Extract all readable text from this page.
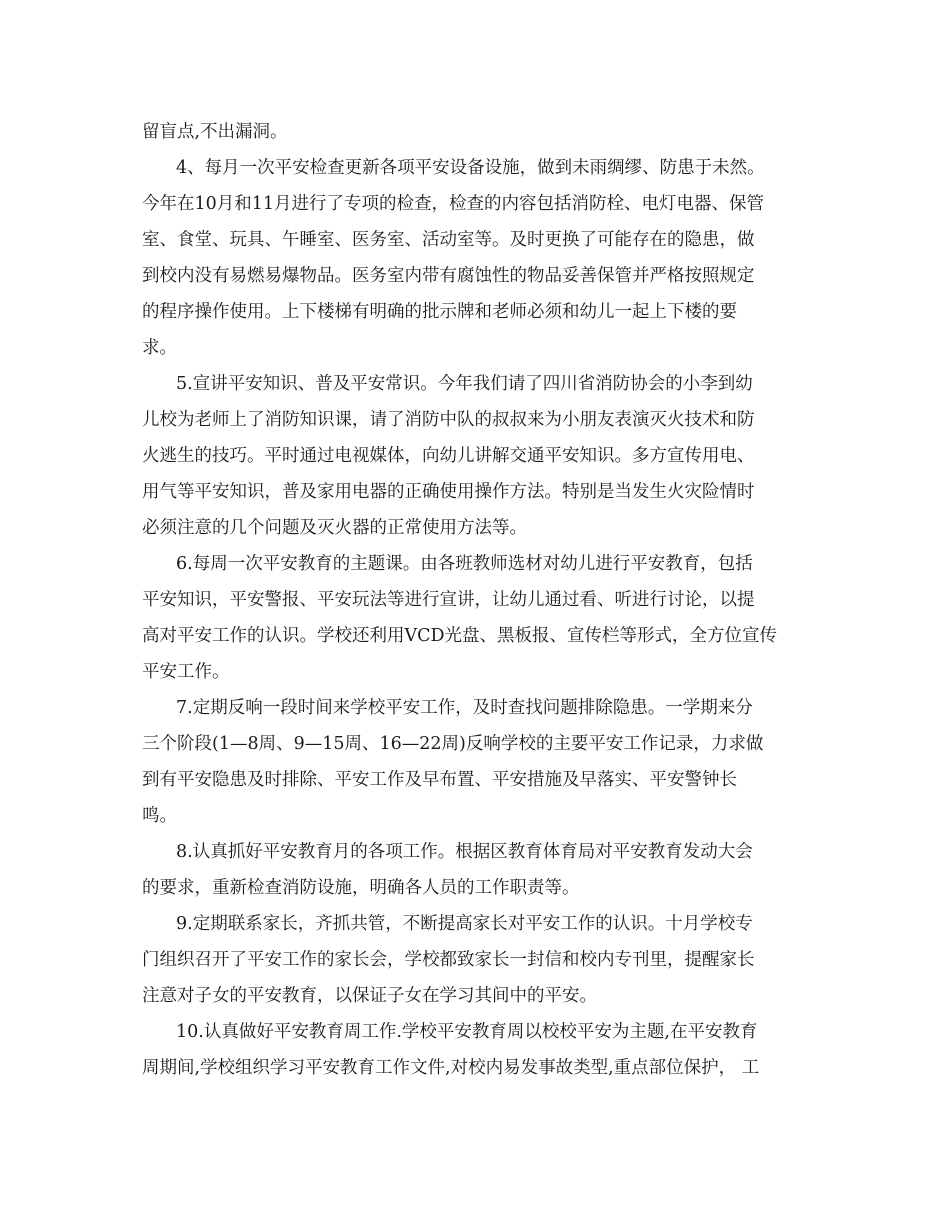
留盲点,不出漏洞。
4、每月一次平安检查更新各项平安设备设施，做到未雨绸缪、防患于未然。
今年在10月和11月进行了专项的检查，检查的内容包括消防栓、电灯电器、保管
室、食堂、玩具、午睡室、医务室、活动室等。及时更换了可能存在的隐患，做
到校内没有易燃易爆物品。医务室内带有腐蚀性的物品妥善保管并严格按照规定
的程序操作使用。上下楼梯有明确的批示牌和老师必须和幼儿一起上下楼的要
求。
5.宣讲平安知识、普及平安常识。今年我们请了四川省消防协会的小李到幼
儿校为老师上了消防知识课，请了消防中队的叔叔来为小朋友表演灭火技术和防
火逃生的技巧。平时通过电视媒体，向幼儿讲解交通平安知识。多方宣传用电、
用气等平安知识，普及家用电器的正确使用操作方法。特别是当发生火灾险情时
必须注意的几个问题及灭火器的正常使用方法等。
6.每周一次平安教育的主题课。由各班教师选材对幼儿进行平安教育，包括
平安知识，平安警报、平安玩法等进行宣讲，让幼儿通过看、听进行讨论，以提
高对平安工作的认识。学校还利用VCD光盘、黑板报、宣传栏等形式，全方位宣传
平安工作。
7.定期反响一段时间来学校平安工作，及时查找问题排除隐患。一学期来分
三个阶段(1—8周、9—15周、16—22周)反响学校的主要平安工作记录，力求做
到有平安隐患及时排除、平安工作及早布置、平安措施及早落实、平安警钟长
鸣。
8.认真抓好平安教育月的各项工作。根据区教育体育局对平安教育发动大会
的要求，重新检查消防设施，明确各人员的工作职责等。
9.定期联系家长，齐抓共管，不断提高家长对平安工作的认识。十月学校专
门组织召开了平安工作的家长会，学校都致家长一封信和校内专刊里，提醒家长
注意对子女的平安教育，以保证子女在学习其间中的平安。
10.认真做好平安教育周工作.学校平安教育周以校校平安为主题,在平安教育
周期间,学校组织学习平安教育工作文件,对校内易发事故类型,重点部位保护， 工
